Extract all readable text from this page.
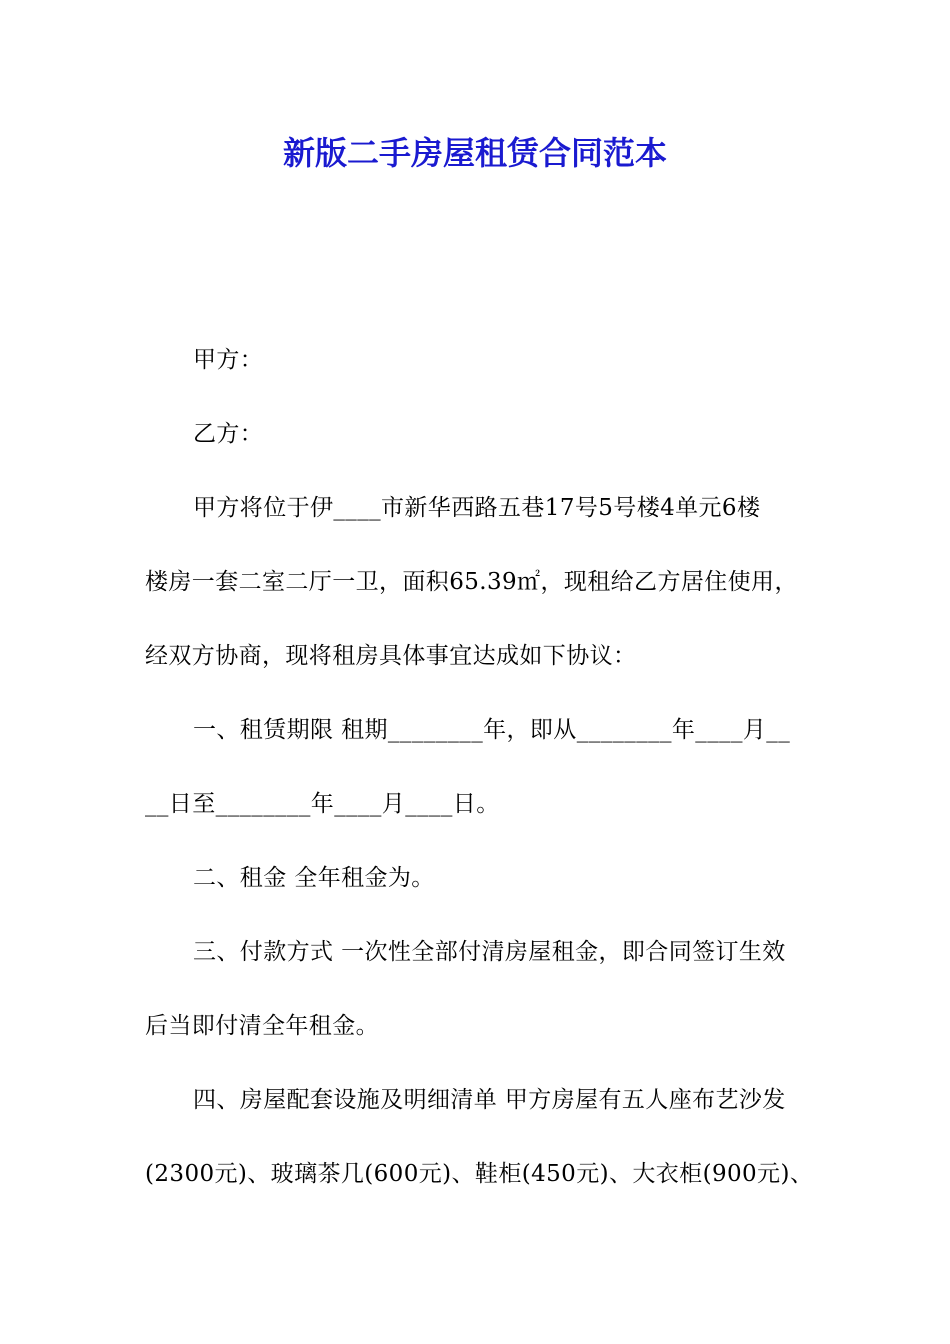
新版二手房屋租赁合同范本
甲方：
乙方：
甲方将位于伊____市新华西路五巷17号5号楼4单元6楼
楼房一套二室二厅一卫，面积65.39㎡，现租给乙方居住使用，
经双方协商，现将租房具体事宜达成如下协议：
一、租赁期限 租期________年，即从________年____月__
__日至________年____月____日。
二、租金 全年租金为。
三、付款方式 一次性全部付清房屋租金，即合同签订生效
后当即付清全年租金。
四、房屋配套设施及明细清单 甲方房屋有五人座布艺沙发
(2300元)、玻璃茶几(600元)、鞋柜(450元)、大衣柜(900元)、
